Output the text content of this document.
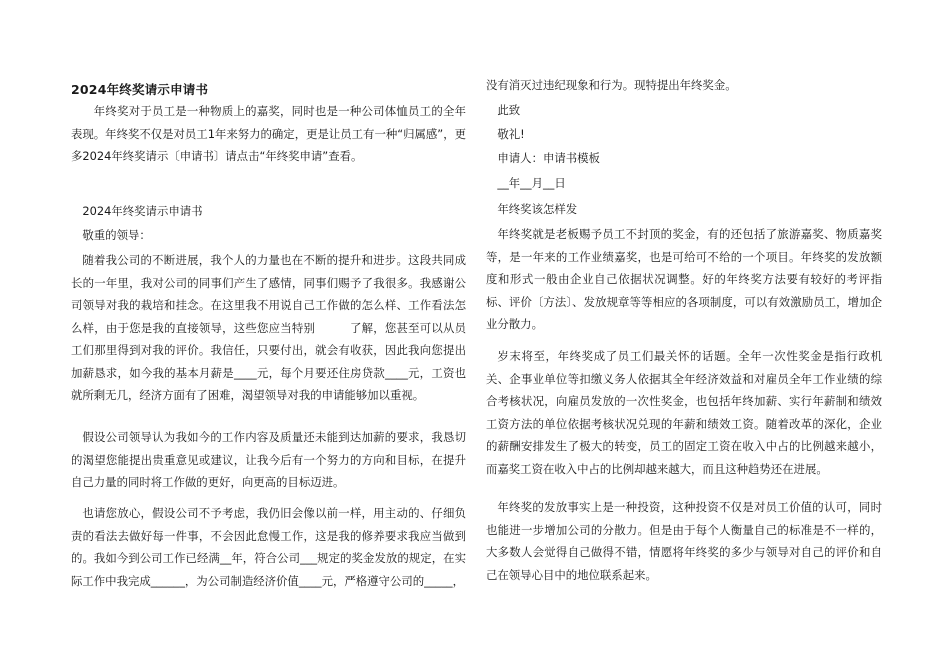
2024年终奖请示申请书

年终奖对于员工是一种物质上的嘉奖，同时也是一种公司体恤员工的全年表现。年终奖不仅是对员工1年来努力的确定，更是让员工有一种“归属感”，更多2024年终奖请示〔申请书〕请点击“年终奖申请”查看。

2024年终奖请示申请书

敬重的领导：

随着我公司的不断进展，我个人的力量也在不断的提升和进步。这段共同成长的一年里，我对公司的同事们产生了感情，同事们赐予了我很多。我感谢公司领导对我的栽培和挂念。在这里我不用说自己工作做的怎么样、工作看法怎么样，由于您是我的直接领导，这些您应当特别　　　了解，您甚至可以从员工们那里得到对我的评价。我信任，只要付出，就会有收获，因此我向您提出加薪恳求，如今我的基本月薪是____元，每个月要还住房贷款____元，工资也就所剩无几，经济方面有了困难，渴望领导对我的申请能够加以重视。

假设公司领导认为我如今的工作内容及质量还未能到达加薪的要求，我恳切的渴望您能提出贵重意见或建议，让我今后有一个努力的方向和目标，在提升自己力量的同时将工作做的更好，向更高的目标迈进。

也请您放心，假设公司不予考虑，我仍旧会像以前一样，用主动的、仔细负责的看法去做好每一件事，不会因此怠慢工作，这是我的修养要求我应当做到的。我如今到公司工作已经满__年，符合公司___规定的奖金发放的规定，在实际工作中我完成______，为公司制造经济价值____元，严格遵守公司的_____，

没有消灭过违纪现象和行为。现特提出年终奖金。

此致

敬礼!

申请人：申请书模板

__年__月__日

年终奖该怎样发

年终奖就是老板赐予员工不封顶的奖金，有的还包括了旅游嘉奖、物质嘉奖等，是一年来的工作业绩嘉奖，也是可给可不给的一个项目。年终奖的发放额度和形式一般由企业自己依据状况调整。好的年终奖方法要有较好的考评指标、评价〔方法〕、发放规章等等相应的各项制度，可以有效激励员工，增加企业分散力。

岁末将至，年终奖成了员工们最关怀的话题。全年一次性奖金是指行政机关、企事业单位等扣缴义务人依据其全年经济效益和对雇员全年工作业绩的综合考核状况，向雇员发放的一次性奖金，也包括年终加薪、实行年薪制和绩效工资方法的单位依据考核状况兑现的年薪和绩效工资。随着改革的深化，企业的薪酬安排发生了极大的转变，员工的固定工资在收入中占的比例越来越小，而嘉奖工资在收入中占的比例却越来越大，而且这种趋势还在进展。

年终奖的发放事实上是一种投资，这种投资不仅是对员工价值的认可，同时也能进一步增加公司的分散力。但是由于每个人衡量自己的标准是不一样的，大多数人会觉得自己做得不错，情愿将年终奖的多少与领导对自己的评价和自己在领导心目中的地位联系起来。
